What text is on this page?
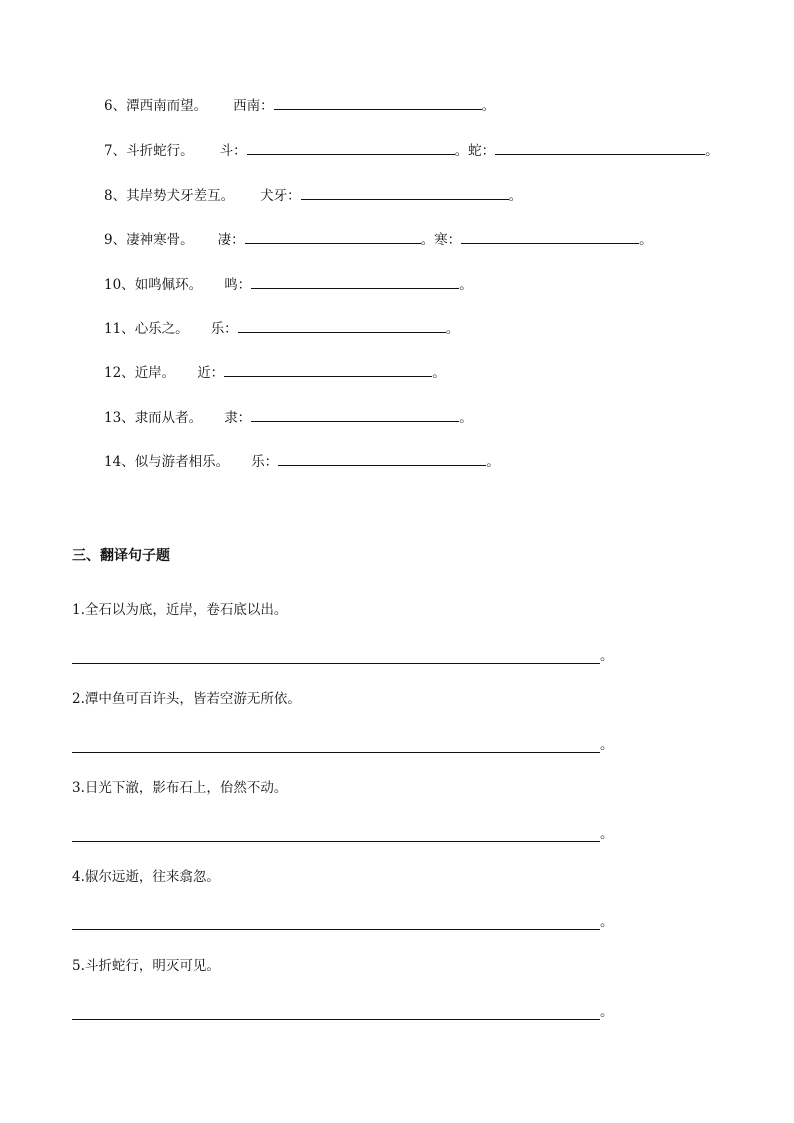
6、潭西南而望。 西南：	。
7、斗折蛇行。 斗：	。蛇：	。
8、其岸势犬牙差互。 犬牙：	。
9、凄神寒骨。 凄：	。寒：	。
10、如鸣佩环。 鸣：	。
11、心乐之。 乐：	。
12、近岸。 近：	。
13、隶而从者。 隶：	。
14、似与游者相乐。 乐：	。
三、翻译句子题
1.全石以为底，近岸，卷石底以出。
。
2.潭中鱼可百许头，皆若空游无所依。
。
3.日光下澈，影布石上，佁然不动。
。
4.俶尔远逝，往来翕忽。
。
5.斗折蛇行，明灭可见。
。
